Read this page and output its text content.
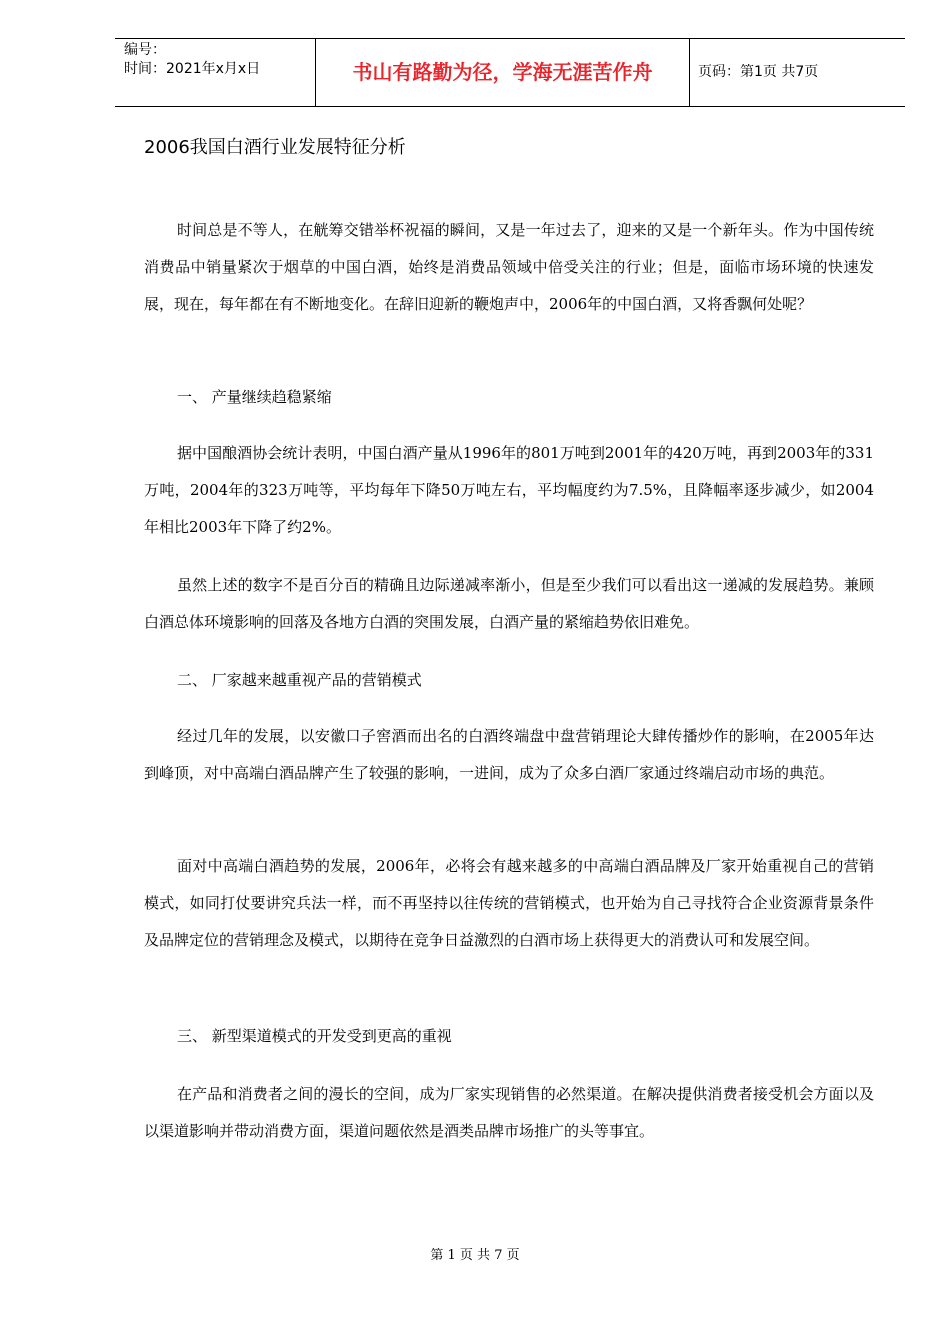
编号：
时间：2021年x月x日	书山有路勤为径，学海无涯苦作舟	页码：第1页 共7页
2006我国白酒行业发展特征分析

时间总是不等人，在觥筹交错举杯祝福的瞬间，又是一年过去了，迎来的又是一个新年头。作为中国传统消费品中销量紧次于烟草的中国白酒，始终是消费品领域中倍受关注的行业；但是，面临市场环境的快速发展，现在，每年都在有不断地变化。在辞旧迎新的鞭炮声中，2006年的中国白酒，又将香飘何处呢？

一、 产量继续趋稳紧缩

据中国酿酒协会统计表明，中国白酒产量从1996年的801万吨到2001年的420万吨，再到2003年的331万吨，2004年的323万吨等，平均每年下降50万吨左右，平均幅度约为7.5%，且降幅率逐步减少，如2004年相比2003年下降了约2%。

虽然上述的数字不是百分百的精确且边际递减率渐小，但是至少我们可以看出这一递减的发展趋势。兼顾白酒总体环境影响的回落及各地方白酒的突围发展，白酒产量的紧缩趋势依旧难免。

二、 厂家越来越重视产品的营销模式

经过几年的发展，以安徽口子窖酒而出名的白酒终端盘中盘营销理论大肆传播炒作的影响，在2005年达到峰顶，对中高端白酒品牌产生了较强的影响，一进间，成为了众多白酒厂家通过终端启动市场的典范。

面对中高端白酒趋势的发展，2006年，必将会有越来越多的中高端白酒品牌及厂家开始重视自己的营销模式，如同打仗要讲究兵法一样，而不再坚持以往传统的营销模式，也开始为自己寻找符合企业资源背景条件及品牌定位的营销理念及模式，以期待在竞争日益激烈的白酒市场上获得更大的消费认可和发展空间。

三、 新型渠道模式的开发受到更高的重视

在产品和消费者之间的漫长的空间，成为厂家实现销售的必然渠道。在解决提供消费者接受机会方面以及以渠道影响并带动消费方面，渠道问题依然是酒类品牌市场推广的头等事宜。

第 1 页 共 7 页
